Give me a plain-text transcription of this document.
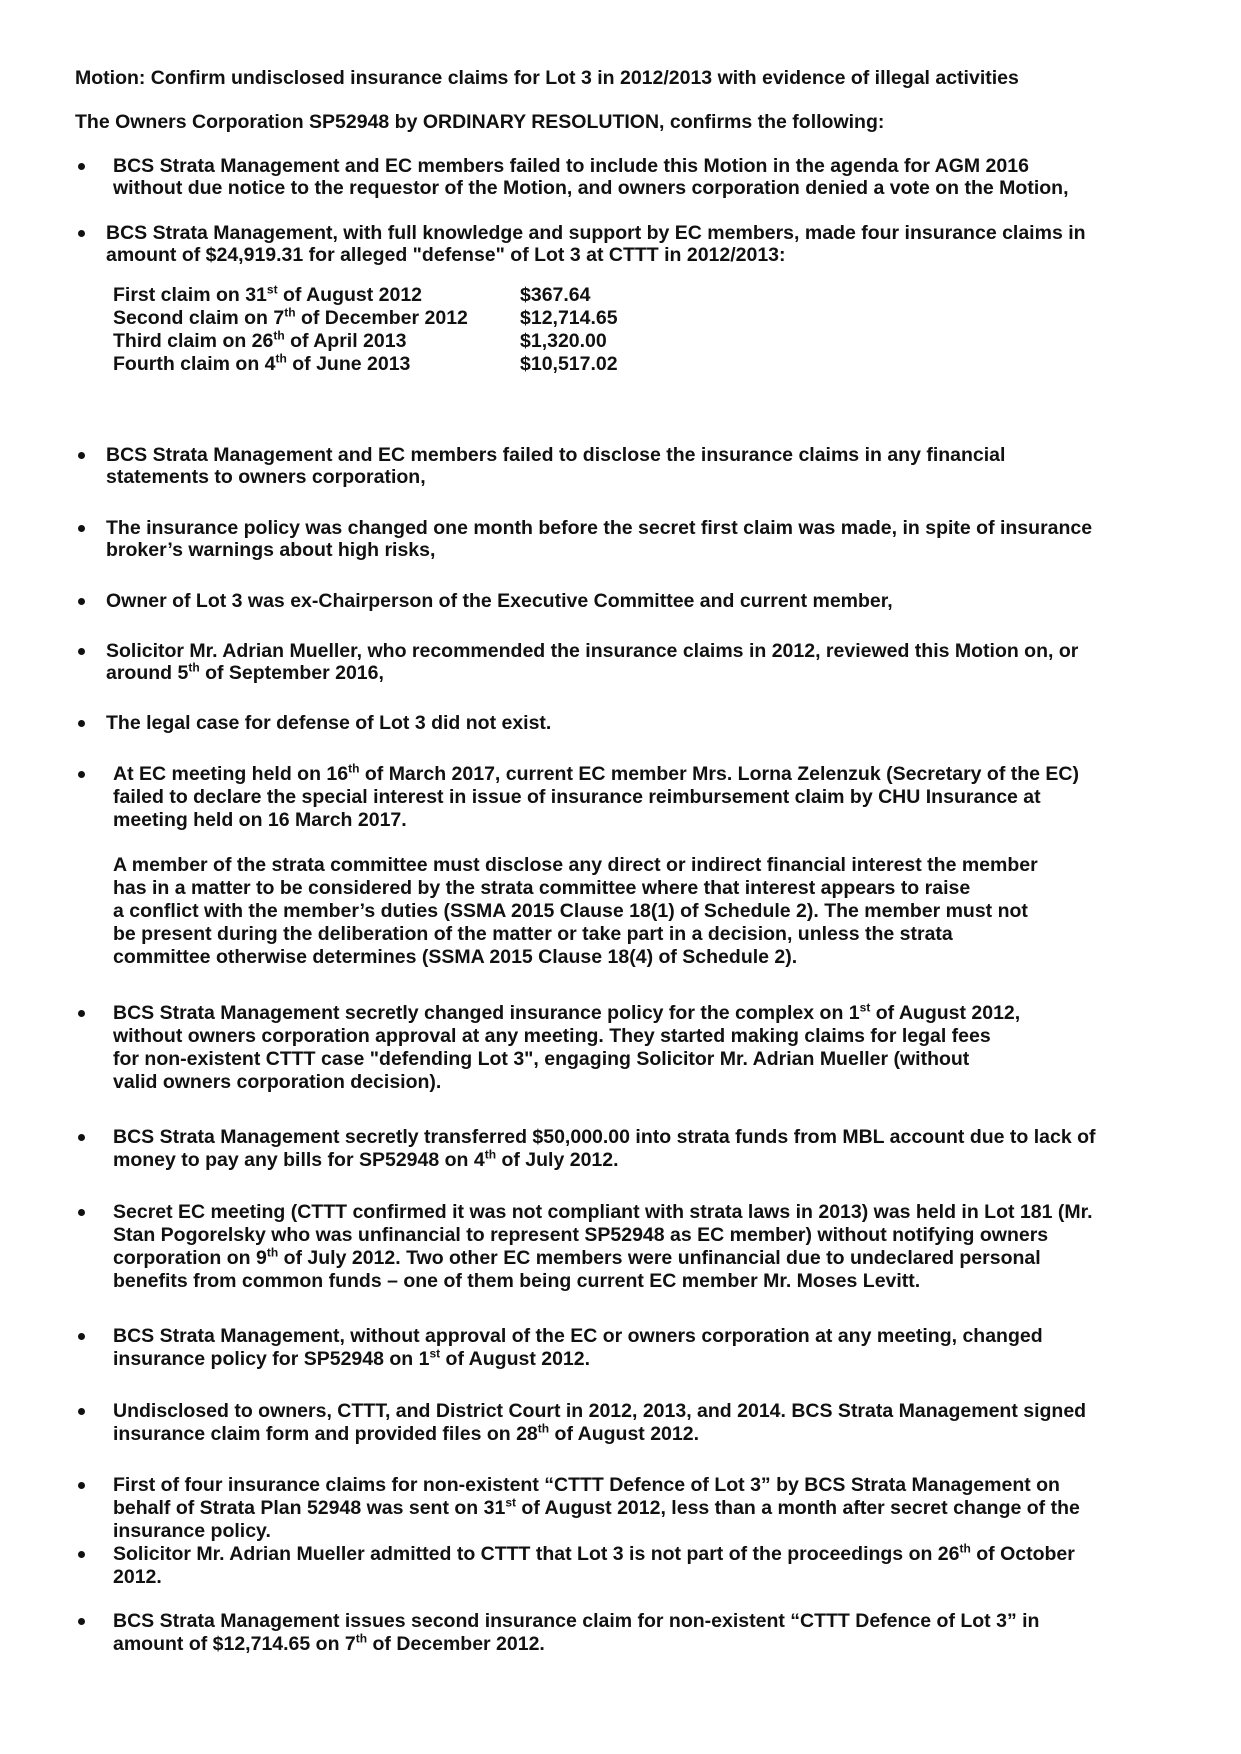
Motion: Confirm undisclosed insurance claims for Lot 3 in 2012/2013 with evidence of illegal activities
The Owners Corporation SP52948 by ORDINARY RESOLUTION, confirms the following:
BCS Strata Management and EC members failed to include this Motion in the agenda for AGM 2016
without due notice to the requestor of the Motion, and owners corporation denied a vote on the Motion,
BCS Strata Management, with full knowledge and support by EC members, made four insurance claims in
amount of $24,919.31 for alleged "defense" of Lot 3 at CTTT in 2012/2013:
First claim on 31st of August 2012	$367.64
Second claim on 7th of December 2012	$12,714.65
Third claim on 26th of April 2013	$1,320.00
Fourth claim on 4th of June 2013	$10,517.02
BCS Strata Management and EC members failed to disclose the insurance claims in any financial
statements to owners corporation,
The insurance policy was changed one month before the secret first claim was made, in spite of insurance
broker’s warnings about high risks,
Owner of Lot 3 was ex-Chairperson of the Executive Committee and current member,
Solicitor Mr. Adrian Mueller, who recommended the insurance claims in 2012, reviewed this Motion on, or
around 5th of September 2016,
The legal case for defense of Lot 3 did not exist.
At EC meeting held on 16th of March 2017, current EC member Mrs. Lorna Zelenzuk (Secretary of the EC)
failed to declare the special interest in issue of insurance reimbursement claim by CHU Insurance at
meeting held on 16 March 2017.
A member of the strata committee must disclose any direct or indirect financial interest the member
has in a matter to be considered by the strata committee where that interest appears to raise
a conflict with the member’s duties (SSMA 2015 Clause 18(1) of Schedule 2). The member must not
be present during the deliberation of the matter or take part in a decision, unless the strata
committee otherwise determines (SSMA 2015 Clause 18(4) of Schedule 2).
BCS Strata Management secretly changed insurance policy for the complex on 1st of August 2012,
without owners corporation approval at any meeting. They started making claims for legal fees
for non-existent CTTT case "defending Lot 3", engaging Solicitor Mr. Adrian Mueller (without
valid owners corporation decision).
BCS Strata Management secretly transferred $50,000.00 into strata funds from MBL account due to lack of
money to pay any bills for SP52948 on 4th of July 2012.
Secret EC meeting (CTTT confirmed it was not compliant with strata laws in 2013) was held in Lot 181 (Mr.
Stan Pogorelsky who was unfinancial to represent SP52948 as EC member) without notifying owners
corporation on 9th of July 2012. Two other EC members were unfinancial due to undeclared personal
benefits from common funds – one of them being current EC member Mr. Moses Levitt.
BCS Strata Management, without approval of the EC or owners corporation at any meeting, changed
insurance policy for SP52948 on 1st of August 2012.
Undisclosed to owners, CTTT, and District Court in 2012, 2013, and 2014. BCS Strata Management signed
insurance claim form and provided files on 28th of August 2012.
First of four insurance claims for non-existent “CTTT Defence of Lot 3” by BCS Strata Management on
behalf of Strata Plan 52948 was sent on 31st of August 2012, less than a month after secret change of the
insurance policy.
Solicitor Mr. Adrian Mueller admitted to CTTT that Lot 3 is not part of the proceedings on 26th of October
2012.
BCS Strata Management issues second insurance claim for non-existent “CTTT Defence of Lot 3” in
amount of $12,714.65 on 7th of December 2012.
